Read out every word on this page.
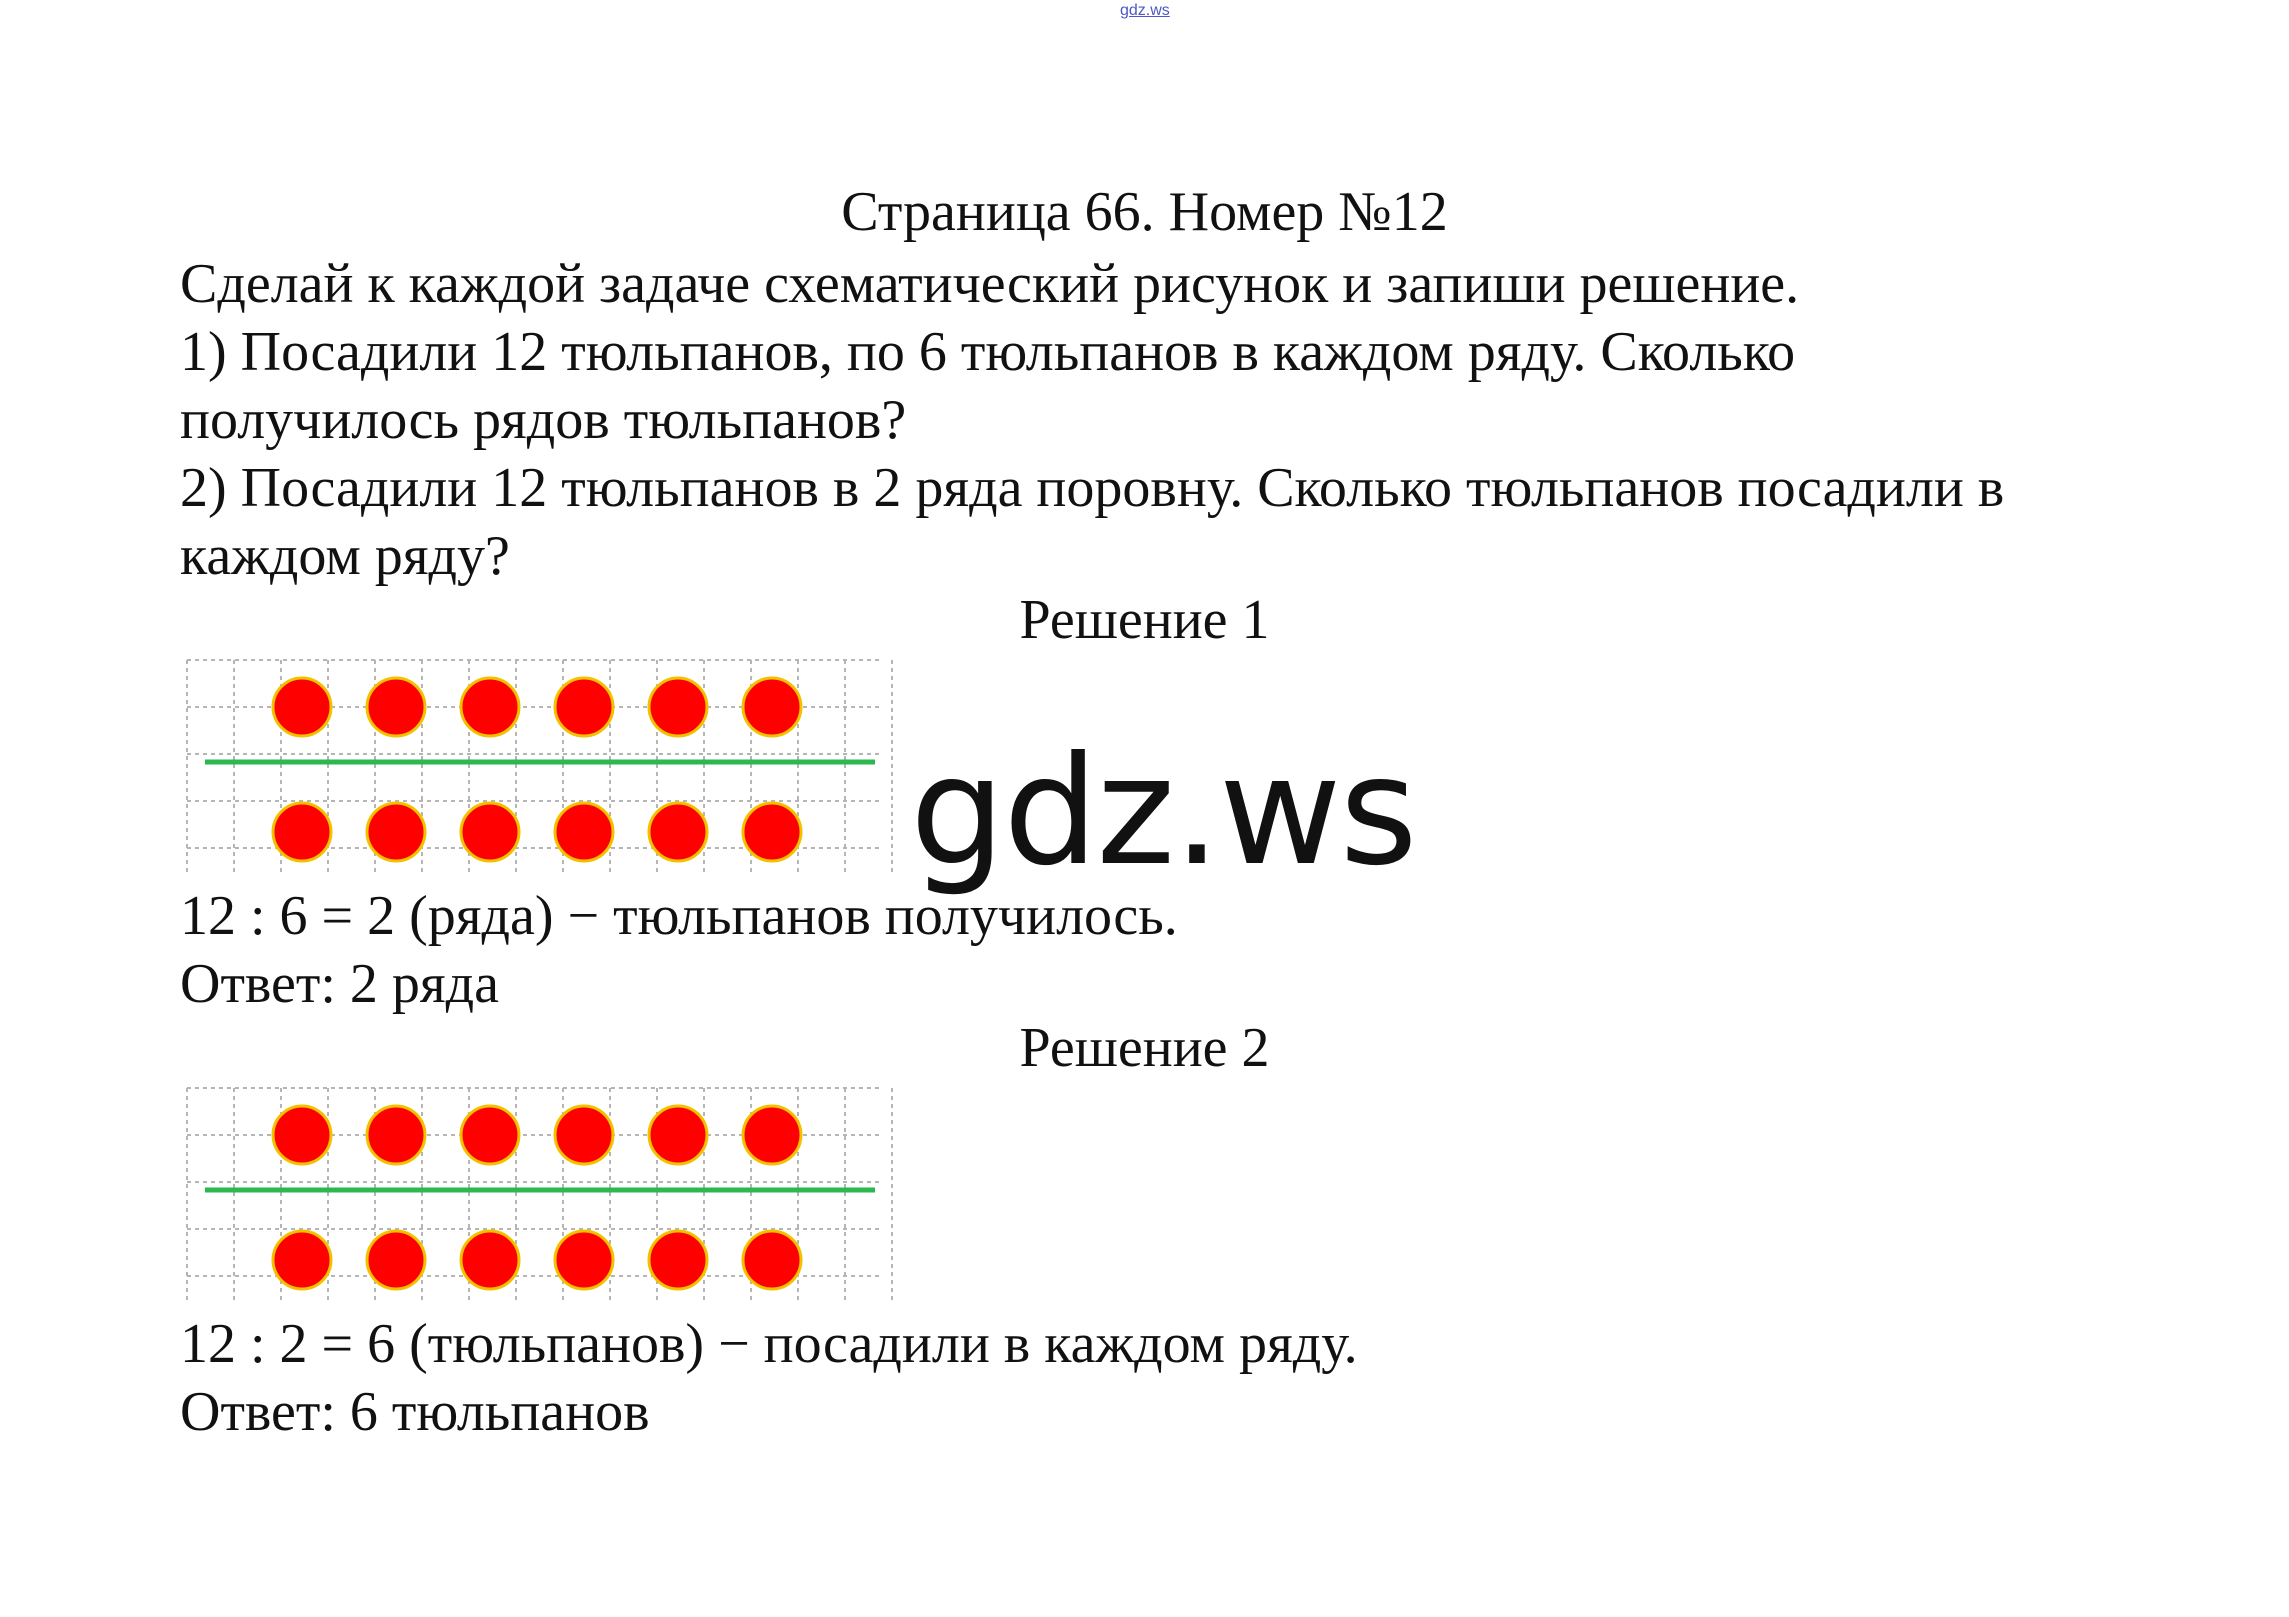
gdz.ws
Страница 66. Номер №12
Сделай к каждой задаче схематический рисунок и запиши решение.
1) Посадили 12 тюльпанов, по 6 тюльпанов в каждом ряду. Сколько
получилось рядов тюльпанов?
2) Посадили 12 тюльпанов в 2 ряда поровну. Сколько тюльпанов посадили в
каждом ряду?
Решение 1
12 : 6 = 2 (ряда) − тюльпанов получилось.
Ответ: 2 ряда
Решение 2
12 : 2 = 6 (тюльпанов) − посадили в каждом ряду.
Ответ: 6 тюльпанов
gdz.ws
